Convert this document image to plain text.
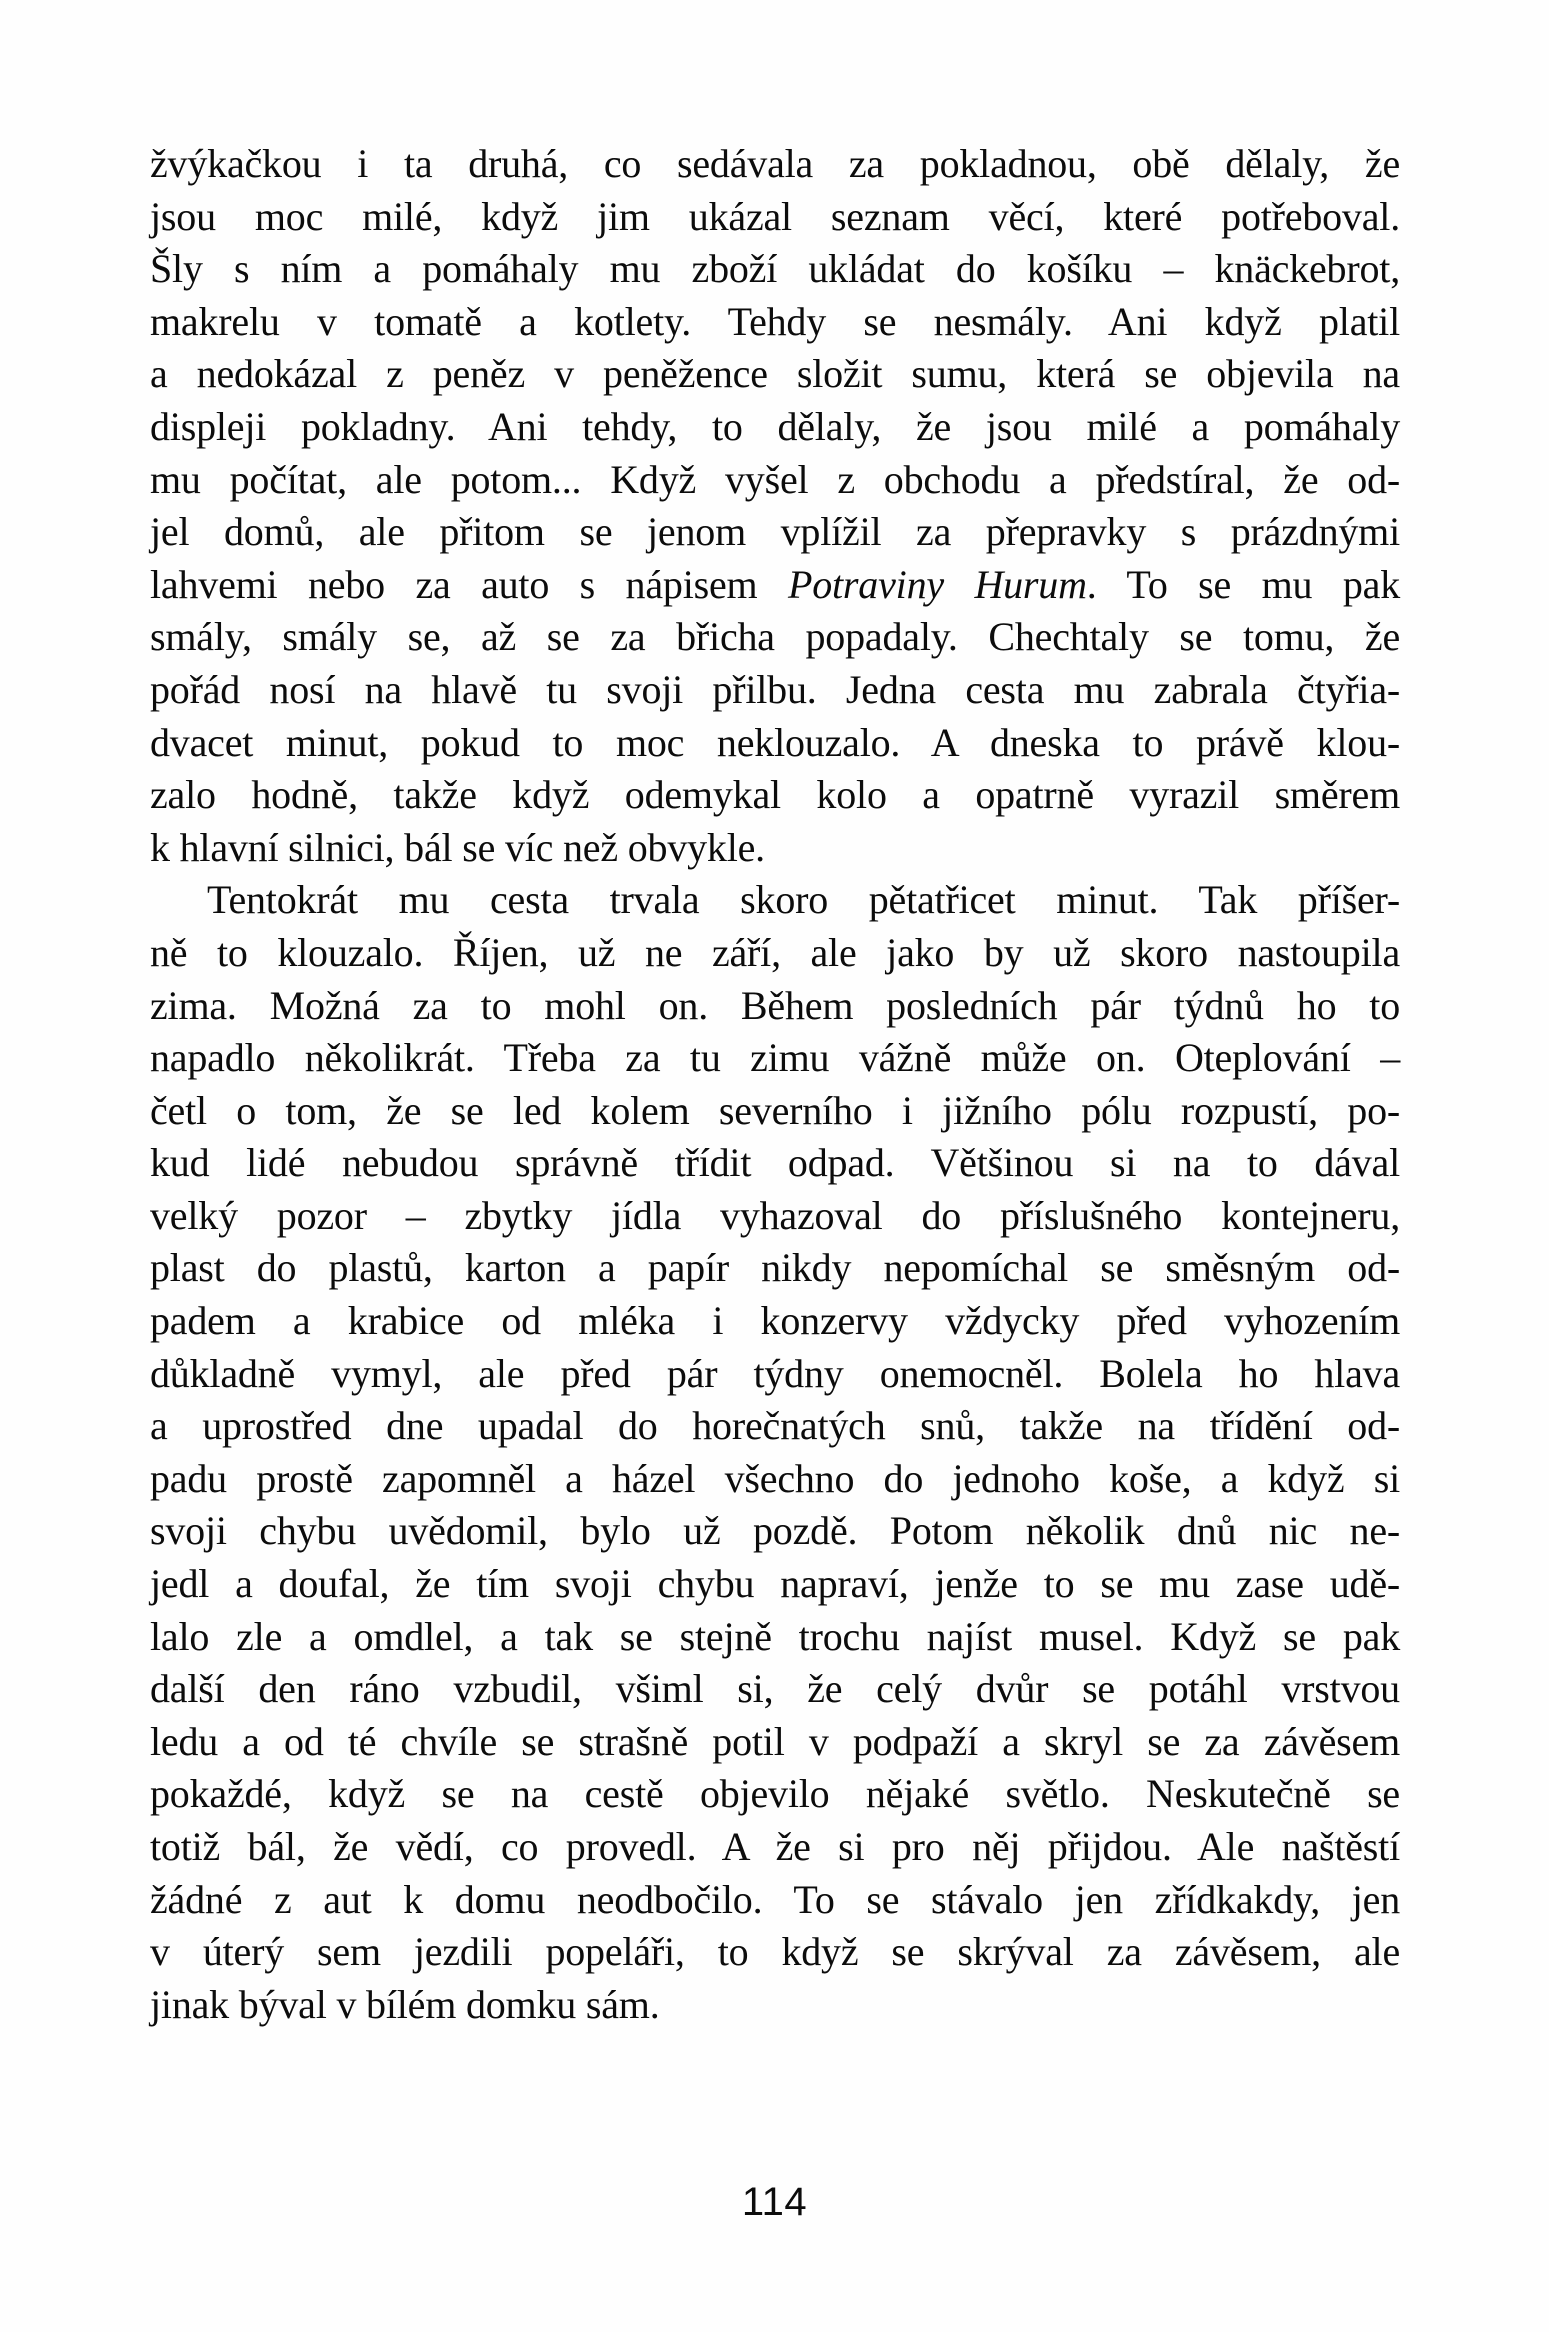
žvýkačkou i ta druhá, co sedávala za pokladnou, obě dělaly, že
jsou moc milé, když jim ukázal seznam věcí, které potřeboval.
Šly s ním a pomáhaly mu zboží ukládat do košíku – knäckebrot,
makrelu v tomatě a kotlety. Tehdy se nesmály. Ani když platil
a nedokázal z peněz v peněžence složit sumu, která se objevila na
displeji pokladny. Ani tehdy, to dělaly, že jsou milé a pomáhaly
mu počítat, ale potom... Když vyšel z obchodu a předstíral, že od-
jel domů, ale přitom se jenom vplížil za přepravky s prázdnými
lahvemi nebo za auto s nápisem Potraviny Hurum. To se mu pak
smály, smály se, až se za břicha popadaly. Chechtaly se tomu, že
pořád nosí na hlavě tu svoji přilbu. Jedna cesta mu zabrala čtyřia-
dvacet minut, pokud to moc neklouzalo. A dneska to právě klou-
zalo hodně, takže když odemykal kolo a opatrně vyrazil směrem
k hlavní silnici, bál se víc než obvykle.
Tentokrát mu cesta trvala skoro pětatřicet minut. Tak příšer-
ně to klouzalo. Říjen, už ne září, ale jako by už skoro nastoupila
zima. Možná za to mohl on. Během posledních pár týdnů ho to
napadlo několikrát. Třeba za tu zimu vážně může on. Oteplování –
četl o tom, že se led kolem severního i jižního pólu rozpustí, po-
kud lidé nebudou správně třídit odpad. Většinou si na to dával
velký pozor – zbytky jídla vyhazoval do příslušného kontejneru,
plast do plastů, karton a papír nikdy nepomíchal se směsným od-
padem a krabice od mléka i konzervy vždycky před vyhozením
důkladně vymyl, ale před pár týdny onemocněl. Bolela ho hlava
a uprostřed dne upadal do horečnatých snů, takže na třídění od-
padu prostě zapomněl a házel všechno do jednoho koše, a když si
svoji chybu uvědomil, bylo už pozdě. Potom několik dnů nic ne-
jedl a doufal, že tím svoji chybu napraví, jenže to se mu zase udě-
lalo zle a omdlel, a tak se stejně trochu najíst musel. Když se pak
další den ráno vzbudil, všiml si, že celý dvůr se potáhl vrstvou
ledu a od té chvíle se strašně potil v podpaží a skryl se za závěsem
pokaždé, když se na cestě objevilo nějaké světlo. Neskutečně se
totiž bál, že vědí, co provedl. A že si pro něj přijdou. Ale naštěstí
žádné z aut k domu neodbočilo. To se stávalo jen zřídkakdy, jen
v úterý sem jezdili popeláři, to když se skrýval za závěsem, ale
jinak býval v bílém domku sám.
114
